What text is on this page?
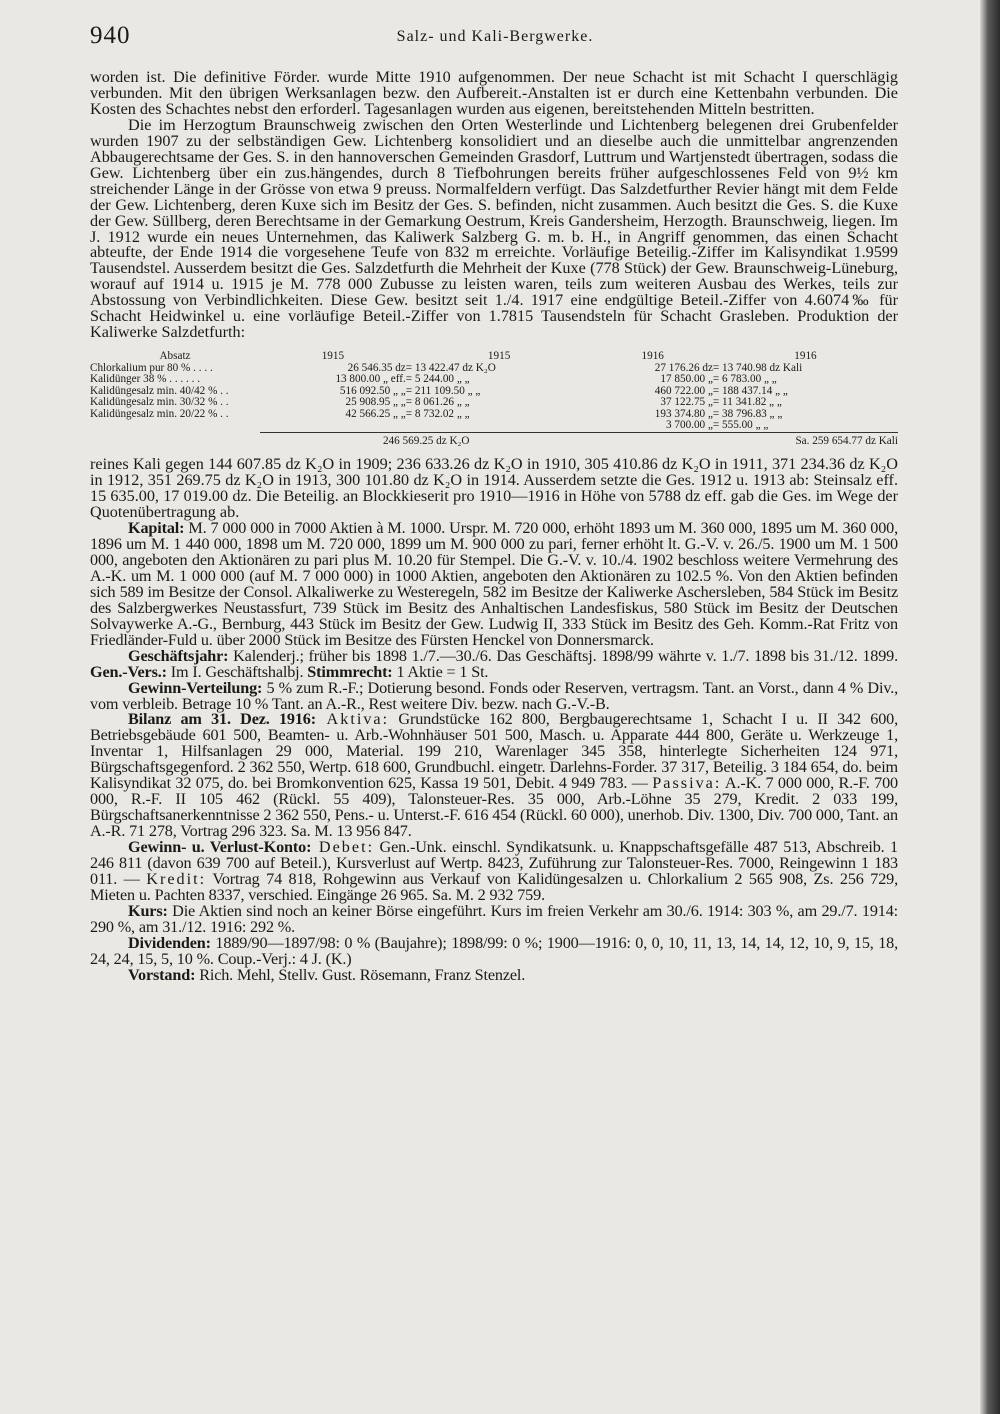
940	Salz- und Kali-Bergwerke.

worden ist. Die definitive Förder. wurde Mitte 1910 aufgenommen. Der neue Schacht ist mit Schacht I querschlägig verbunden. Mit den übrigen Werksanlagen bezw. den Aufbereit.-Anstalten ist er durch eine Kettenbahn verbunden. Die Kosten des Schachtes nebst den erforderl. Tagesanlagen wurden aus eigenen, bereitstehenden Mitteln bestritten.

Die im Herzogtum Braunschweig zwischen den Orten Westerlinde und Lichtenberg belegenen drei Grubenfelder wurden 1907 zu der selbständigen Gew. Lichtenberg konsolidiert und an dieselbe auch die unmittelbar angrenzenden Abbaugerechtsame der Ges. S. in den hannoverschen Gemeinden Grasdorf, Luttrum und Wartjenstedt übertragen, sodass die Gew. Lichtenberg über ein zus.hängendes, durch 8 Tiefbohrungen bereits früher aufgeschlossenes Feld von 9½ km streichender Länge in der Grösse von etwa 9 preuss. Normalfeldern verfügt. Das Salzdetfurther Revier hängt mit dem Felde der Gew. Lichtenberg, deren Kuxe sich im Besitz der Ges. S. befinden, nicht zusammen. Auch besitzt die Ges. S. die Kuxe der Gew. Süllberg, deren Berechtsame in der Gemarkung Oestrum, Kreis Gandersheim, Herzogth. Braunschweig, liegen. Im J. 1912 wurde ein neues Unternehmen, das Kaliwerk Salzberg G. m. b. H., in Angriff genommen, das einen Schacht abteufte, der Ende 1914 die vorgesehene Teufe von 832 m erreichte. Vorläufige Beteilig.-Ziffer im Kalisyndikat 1.9599 Tausendstel. Ausserdem besitzt die Ges. Salzdetfurth die Mehrheit der Kuxe (778 Stück) der Gew. Braunschweig-Lüneburg, worauf auf 1914 u. 1915 je M. 778 000 Zubusse zu leisten waren, teils zum weiteren Ausbau des Werkes, teils zur Abstossung von Verbindlichkeiten. Diese Gew. besitzt seit 1./4. 1917 eine endgültige Beteil.-Ziffer von 4.6074‰ für Schacht Heidwinkel u. eine vorläufige Beteil.-Ziffer von 1.7815 Tausendsteln für Schacht Grasleben. Produktion der Kaliwerke Salzdetfurth:

Absatz	1915	1915	1916	1916
Chlorkalium pur 80 % . . . .	26 546.35 dz	= 13 422.47 dz K₂O	27 176.26 dz	= 13 740.98 dz Kali
Kalidünger 38 % . . . . . .	13 800.00 „ eff.	= 5 244.00 „ „	17 850.00 „	= 6 783.00 „ „
Kalidüngesalz min. 40/42 % . .	516 092.50 „ „	= 211 109.50 „ „	460 722.00 „	= 188 437.14 „ „
Kalidüngesalz min. 30/32 % . .	25 908.95 „ „	= 8 061.26 „ „	37 122.75 „	= 11 341.82 „ „
Kalidüngesalz min. 20/22 % . .	42 566.25 „ „	= 8 732.02 „ „	193 374.80 „	= 38 796.83 „ „
			3 700.00 „	= 555.00 „ „
	246 569.25 dz K₂O		Sa. 259 654.77 dz Kali	

reines Kali gegen 144 607.85 dz K₂O in 1909; 236 633.26 dz K₂O in 1910, 305 410.86 dz K₂O in 1911, 371 234.36 dz K₂O in 1912, 351 269.75 dz K₂O in 1913, 300 101.80 dz K₂O in 1914. Ausserdem setzte die Ges. 1912 u. 1913 ab: Steinsalz eff. 15 635.00, 17 019.00 dz. Die Beteilig. an Blockkieserit pro 1910—1916 in Höhe von 5788 dz eff. gab die Ges. im Wege der Quotenübertragung ab.

Kapital: M. 7 000 000 in 7000 Aktien à M. 1000. Urspr. M. 720 000, erhöht 1893 um M. 360 000, 1895 um M. 360 000, 1896 um M. 1 440 000, 1898 um M. 720 000, 1899 um M. 900 000 zu pari, ferner erhöht lt. G.-V. v. 26./5. 1900 um M. 1 500 000, angeboten den Aktionären zu pari plus M. 10.20 für Stempel. Die G.-V. v. 10./4. 1902 beschloss weitere Vermehrung des A.-K. um M. 1 000 000 (auf M. 7 000 000) in 1000 Aktien, angeboten den Aktionären zu 102.5 %. Von den Aktien befinden sich 589 im Besitze der Consol. Alkaliwerke zu Westeregeln, 582 im Besitze der Kaliwerke Aschersleben, 584 Stück im Besitz des Salzbergwerkes Neustassfurt, 739 Stück im Besitz des Anhaltischen Landesfiskus, 580 Stück im Besitz der Deutschen Solvaywerke A.-G., Bernburg, 443 Stück im Besitz der Gew. Ludwig II, 333 Stück im Besitz des Geh. Komm.-Rat Fritz von Friedländer-Fuld u. über 2000 Stück im Besitze des Fürsten Henckel von Donnersmarck.

Geschäftsjahr: Kalenderj.; früher bis 1898 1./7.—30./6. Das Geschäftsj. 1898/99 währte v. 1./7. 1898 bis 31./12. 1899. Gen.-Vers.: Im I. Geschäftshalbj. Stimmrecht: 1 Aktie = 1 St.

Gewinn-Verteilung: 5 % zum R.-F.; Dotierung besond. Fonds oder Reserven, vertragsm. Tant. an Vorst., dann 4 % Div., vom verbleib. Betrage 10 % Tant. an A.-R., Rest weitere Div. bezw. nach G.-V.-B.

Bilanz am 31. Dez. 1916: Aktiva: Grundstücke 162 800, Bergbaugerechtsame 1, Schacht I u. II 342 600, Betriebsgebäude 601 500, Beamten- u. Arb.-Wohnhäuser 501 500, Masch. u. Apparate 444 800, Geräte u. Werkzeuge 1, Inventar 1, Hilfsanlagen 29 000, Material. 199 210, Warenlager 345 358, hinterlegte Sicherheiten 124 971, Bürgschaftsgegenford. 2 362 550, Wertp. 618 600, Grundbuchl. eingetr. Darlehns-Forder. 37 317, Beteilig. 3 184 654, do. beim Kalisyndikat 32 075, do. bei Bromkonvention 625, Kassa 19 501, Debit. 4 949 783. — Passiva: A.-K. 7 000 000, R.-F. 700 000, R.-F. II 105 462 (Rückl. 55 409), Talonsteuer-Res. 35 000, Arb.-Löhne 35 279, Kredit. 2 033 199, Bürgschaftsanerkenntnisse 2 362 550, Pens.- u. Unterst.-F. 616 454 (Rückl. 60 000), unerhob. Div. 1300, Div. 700 000, Tant. an A.-R. 71 278, Vortrag 296 323. Sa. M. 13 956 847.

Gewinn- u. Verlust-Konto: Debet: Gen.-Unk. einschl. Syndikatsunk. u. Knappschaftsgefälle 487 513, Abschreib. 1 246 811 (davon 639 700 auf Beteil.), Kursverlust auf Wertp. 8423, Zuführung zur Talonsteuer-Res. 7000, Reingewinn 1 183 011. — Kredit: Vortrag 74 818, Rohgewinn aus Verkauf von Kalidüngesalzen u. Chlorkalium 2 565 908, Zs. 256 729, Mieten u. Pachten 8337, verschied. Eingänge 26 965. Sa. M. 2 932 759.

Kurs: Die Aktien sind noch an keiner Börse eingeführt. Kurs im freien Verkehr am 30./6. 1914: 303 %, am 29./7. 1914: 290 %, am 31./12. 1916: 292 %.

Dividenden: 1889/90—1897/98: 0 % (Baujahre); 1898/99: 0 %; 1900—1916: 0, 0, 10, 11, 13, 14, 14, 12, 10, 9, 15, 18, 24, 24, 15, 5, 10 %. Coup.-Verj.: 4 J. (K.)

Vorstand: Rich. Mehl, Stellv. Gust. Rösemann, Franz Stenzel.
